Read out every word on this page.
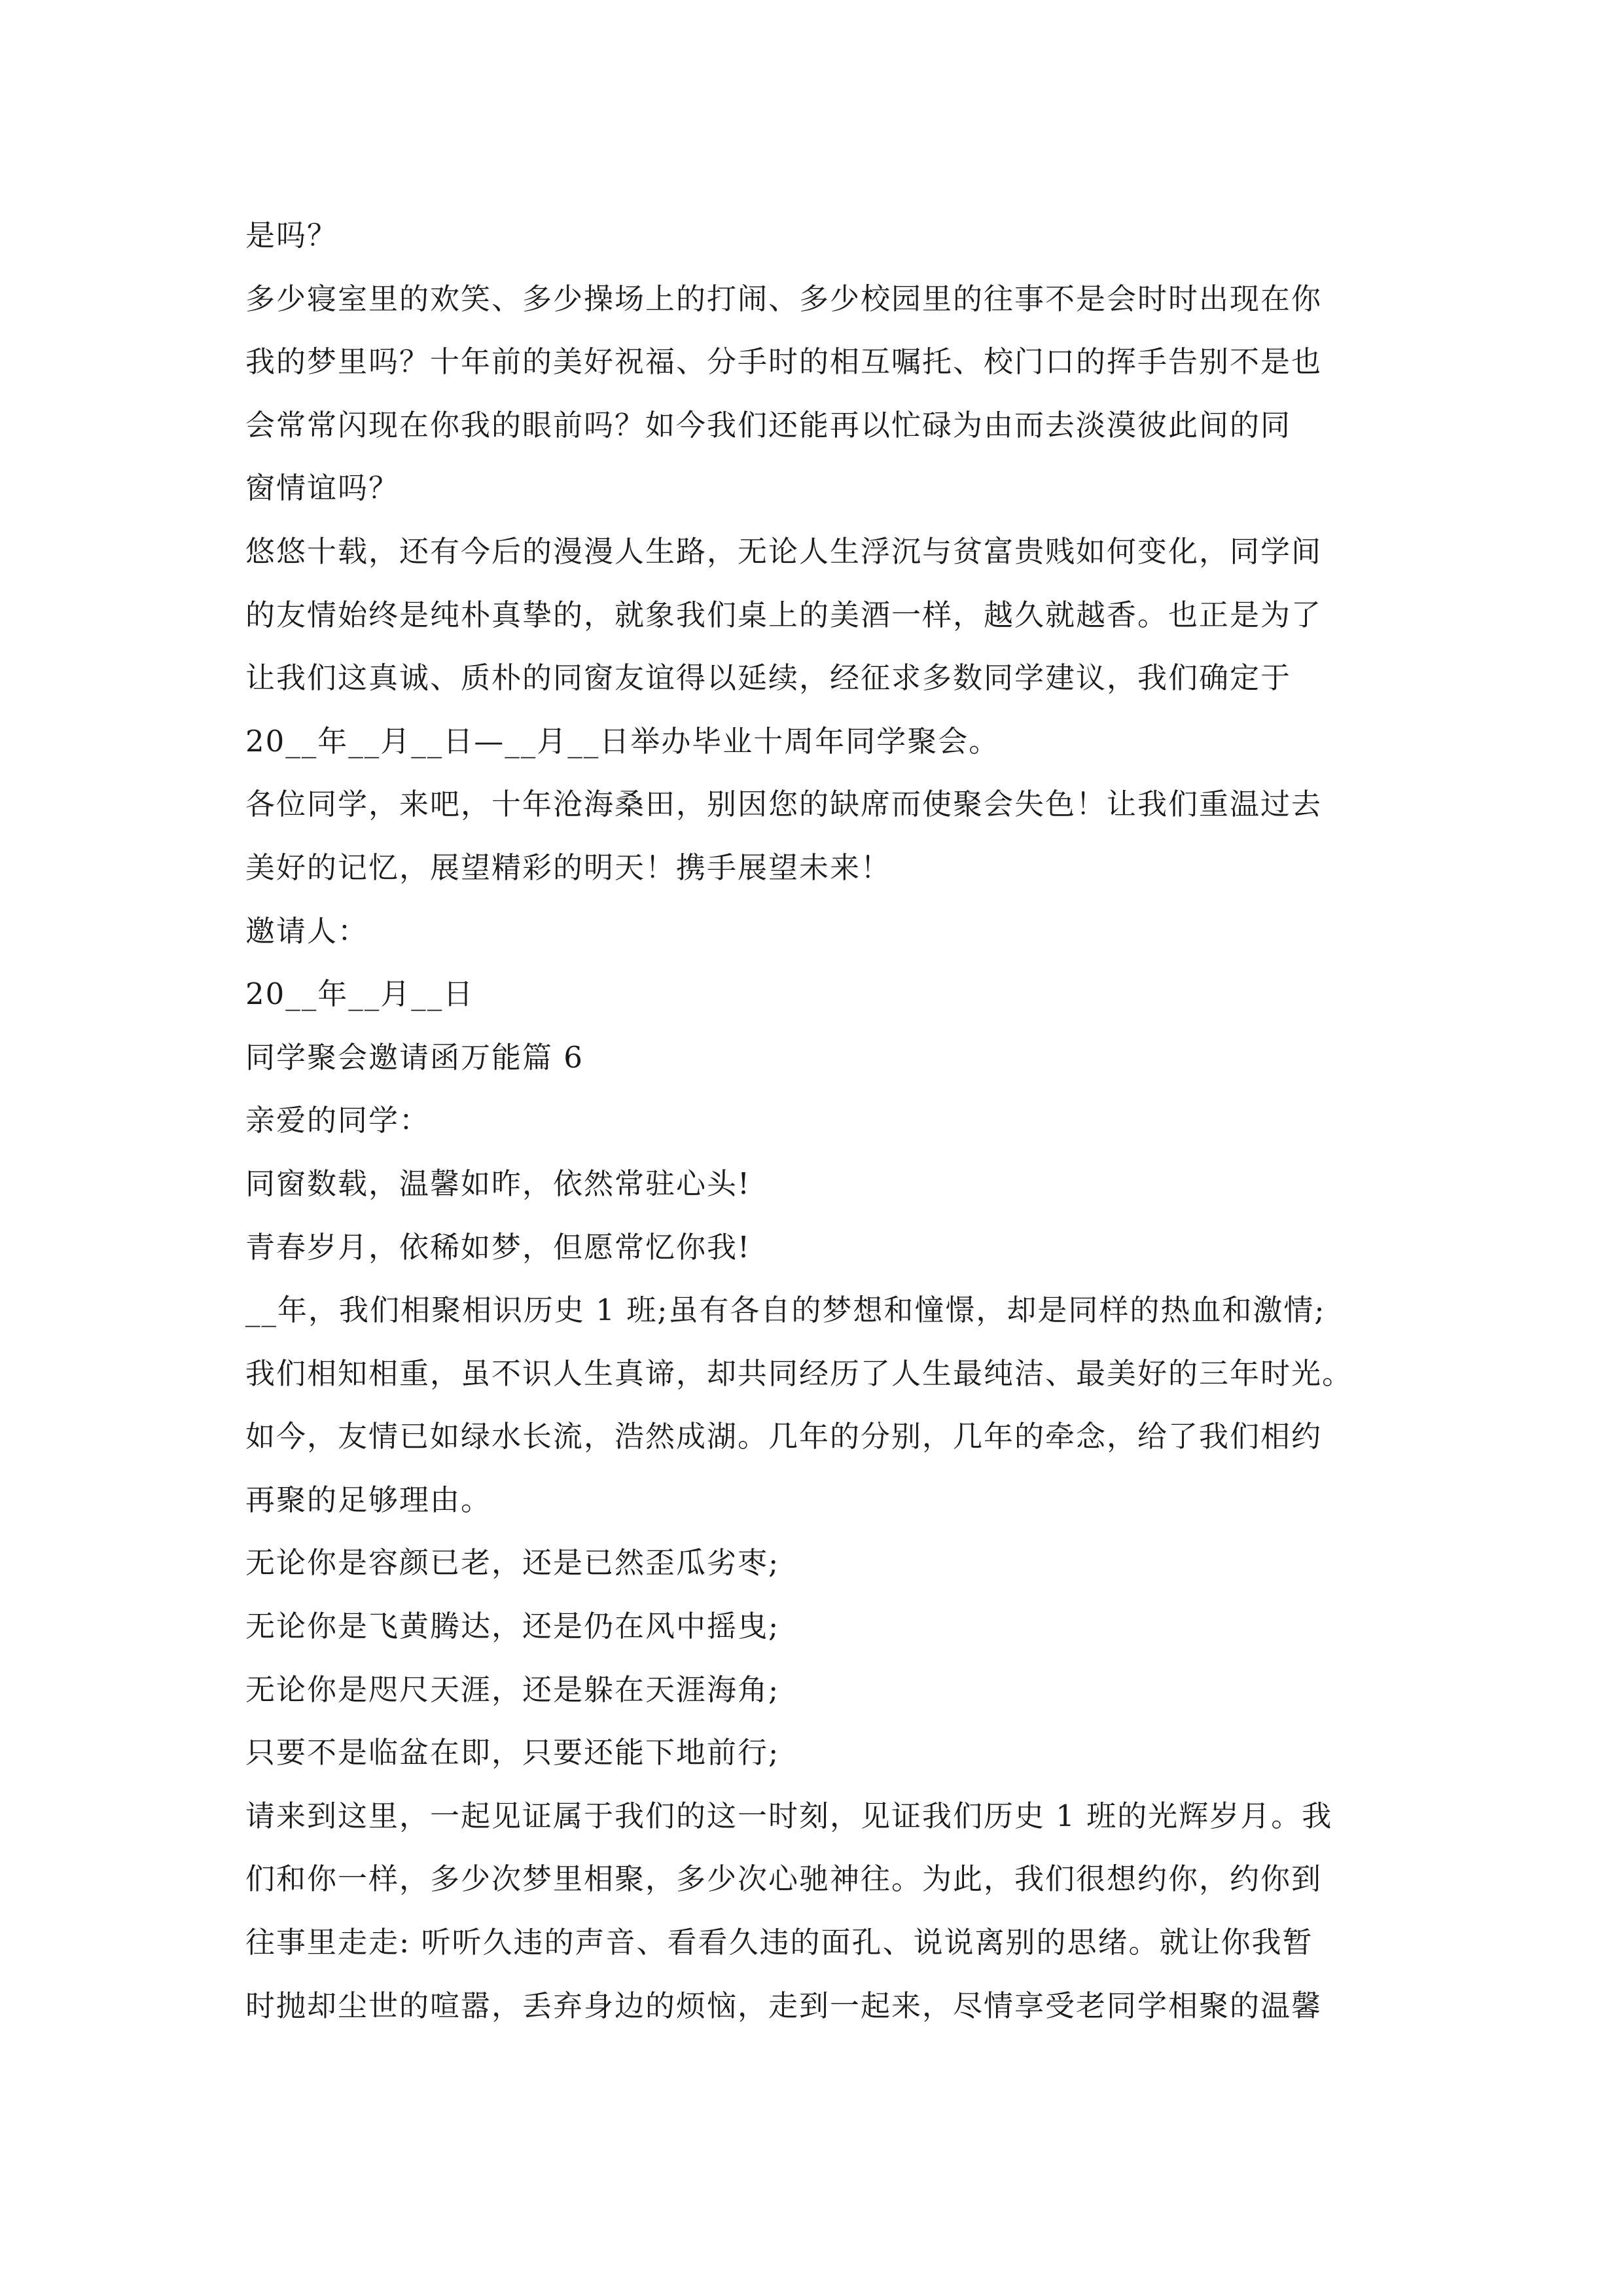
是吗？
多少寝室里的欢笑、多少操场上的打闹、多少校园里的往事不是会时时出现在你
我的梦里吗？十年前的美好祝福、分手时的相互嘱托、校门口的挥手告别不是也
会常常闪现在你我的眼前吗？如今我们还能再以忙碌为由而去淡漠彼此间的同
窗情谊吗？
悠悠十载，还有今后的漫漫人生路，无论人生浮沉与贫富贵贱如何变化，同学间
的友情始终是纯朴真挚的，就象我们桌上的美酒一样，越久就越香。也正是为了
让我们这真诚、质朴的同窗友谊得以延续，经征求多数同学建议，我们确定于
20__年__月__日—__月__日举办毕业十周年同学聚会。
各位同学，来吧，十年沧海桑田，别因您的缺席而使聚会失色！让我们重温过去
美好的记忆，展望精彩的明天！携手展望未来！
邀请人：
20__年__月__日
同学聚会邀请函万能篇 6
亲爱的同学：
同窗数载，温馨如昨，依然常驻心头!
青春岁月，依稀如梦，但愿常忆你我!
__年，我们相聚相识历史 1 班;虽有各自的梦想和憧憬，却是同样的热血和激情;
我们相知相重，虽不识人生真谛，却共同经历了人生最纯洁、最美好的三年时光。
如今，友情已如绿水长流，浩然成湖。几年的分别，几年的牵念，给了我们相约
再聚的足够理由。
无论你是容颜已老，还是已然歪瓜劣枣;
无论你是飞黄腾达，还是仍在风中摇曳;
无论你是咫尺天涯，还是躲在天涯海角;
只要不是临盆在即，只要还能下地前行;
请来到这里，一起见证属于我们的这一时刻，见证我们历史 1 班的光辉岁月。我
们和你一样，多少次梦里相聚，多少次心驰神往。为此，我们很想约你，约你到
往事里走走: 听听久违的声音、看看久违的面孔、说说离别的思绪。就让你我暂
时抛却尘世的喧嚣，丢弃身边的烦恼，走到一起来，尽情享受老同学相聚的温馨
